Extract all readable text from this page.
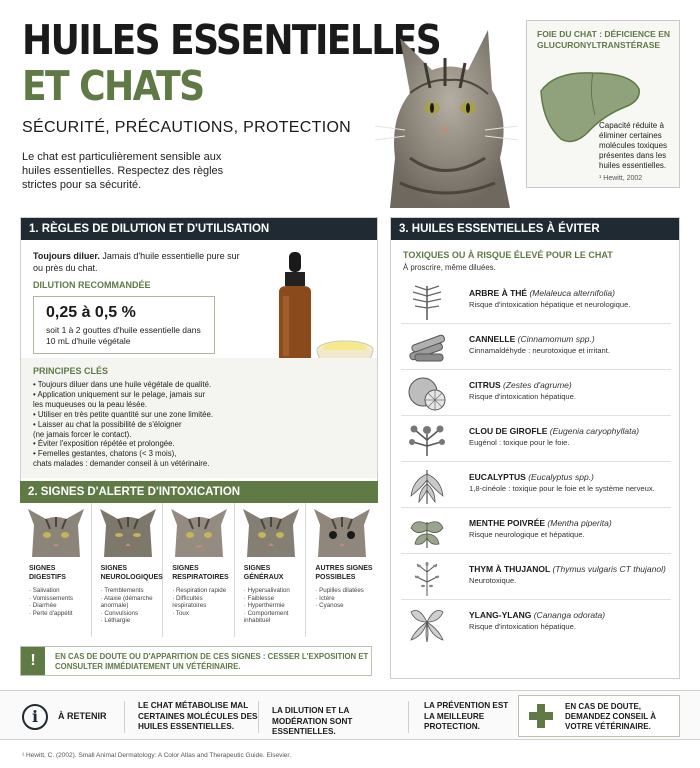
HUILES ESSENTIELLES
ET CHATS
SÉCURITÉ, PRÉCAUTIONS, PROTECTION
Le chat est particulièrement sensible aux huiles essentielles. Respectez des règles strictes pour sa sécurité.
FOIE DU CHAT : DÉFICIENCE EN GLUCURONYLTRANSTÉRASE
Capacité réduite à éliminer certaines molécules toxiques présentes dans les huiles essentielles.
¹ Hewitt, 2002
1. RÈGLES DE DILUTION ET D'UTILISATION
Toujours diluer. Jamais d'huile essentielle pure sur ou près du chat.
DILUTION RECOMMANDÉE
0,25 à 0,5 %
soit 1 à 2 gouttes d'huile essentielle dans 10 mL d'huile végétale
PRINCIPES CLÉS
• Toujours diluer dans une huile végétale de qualité.
• Application uniquement sur le pelage, jamais sur
les muqueuses ou la peau lésée.
• Utiliser en très petite quantité sur une zone limitée.
• Laisser au chat la possibilité de s'éloigner
(ne jamais forcer le contact).
• Éviter l'exposition répétée et prolongée.
• Femelles gestantes, chatons (< 3 mois),
chats malades : demander conseil à un vétérinaire.
2. SIGNES D'ALERTE D'INTOXICATION
SIGNES DIGESTIFS
· Salivation
· Vomissements
· Diarrhée
· Perte d'appétit
SIGNES NEUROLOGIQUES
· Tremblements
· Ataxie (démarche anormale)
· Convulsions
· Léthargie
SIGNES RESPIRATOIRES
· Respiration rapide
· Difficultés respiratoires
· Toux
SIGNES GÉNÉRAUX
· Hypersalivation
· Faiblesse
· Hyperthermie
· Comportement inhabituel
AUTRES SIGNES POSSIBLES
· Pupilles dilatées
· Ictère
· Cyanose
!	EN CAS DE DOUTE OU D'APPARITION DE CES SIGNES : CESSER L'EXPOSITION ET CONSULTER IMMÉDIATEMENT UN VÉTÉRINAIRE.
3. HUILES ESSENTIELLES À ÉVITER
TOXIQUES OU À RISQUE ÉLEVÉ POUR LE CHAT
À proscrire, même diluées.
ARBRE À THÉ (Melaleuca alternifolia)
Risque d'intoxication hépatique et neurologique.
CANNELLE (Cinnamomum spp.)
Cinnamaldéhyde : neurotoxique et irritant.
CITRUS (Zestes d'agrume)
Risque d'intoxication hépatique.
CLOU DE GIROFLE (Eugenia caryophyllata)
Eugénol : toxique pour le foie.
EUCALYPTUS (Eucalyptus spp.)
1,8-cinéole : toxique pour le foie et le système nerveux.
MENTHE POIVRÉE (Mentha piperita)
Risque neurologique et hépatique.
THYM À THUJANOL (Thymus vulgaris CT thujanol)
Neurotoxique.
YLANG-YLANG (Cananga odorata)
Risque d'intoxication hépatique.
i	À RETENIR
LE CHAT MÉTABOLISE MAL CERTAINES MOLÉCULES DES HUILES ESSENTIELLES.
LA DILUTION ET LA MODÉRATION SONT ESSENTIELLES.
LA PRÉVENTION EST LA MEILLEURE PROTECTION.
EN CAS DE DOUTE, DEMANDEZ CONSEIL À VOTRE VÉTÉRINAIRE.
¹ Hewitt, C. (2002). Small Animal Dermatology: A Color Atlas and Therapeutic Guide. Elsevier.
